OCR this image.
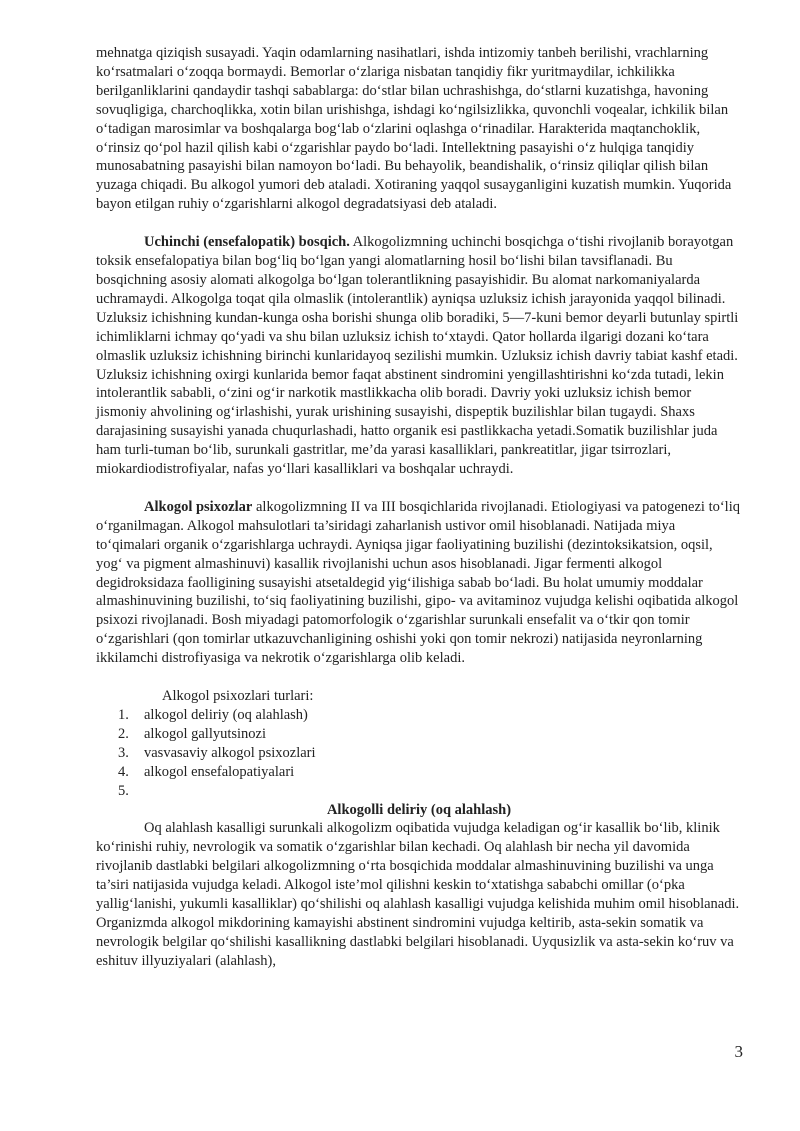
mehnatga qiziqish susayadi. Yaqin odamlarning nasihatlari, ishda intizomiy tanbeh berilishi, vrachlarning ko‘rsatmalari o‘zoqqa bormaydi. Bemorlar o‘zlariga nisbatan tanqidiy fikr yuritmaydilar, ichkilikka berilganliklarini qandaydir tashqi sabablarga: do‘stlar bilan uchrashishga, do‘stlarni kuzatishga, havoning sovuqligiga, charchoqlikka, xotin bilan urishishga, ishdagi ko‘ngilsizlikka, quvonchli voqealar, ichkilik bilan o‘tadigan marosimlar va boshqalarga bog‘lab o‘zlarini oqlashga o‘rinadilar. Harakterida maqtanchoklik, o‘rinsiz qo‘pol hazil qilish kabi o‘zgarishlar paydo bo‘ladi. Intellektning pasayishi o‘z hulqiga tanqidiy munosabatning pasayishi bilan namoyon bo‘ladi. Bu behayolik, beandishalik, o‘rinsiz qiliqlar qilish bilan yuzaga chiqadi. Bu alkogol yumori deb ataladi. Xotiraning yaqqol susayganligini kuzatish mumkin. Yuqorida bayon etilgan ruhiy o‘zgarishlarni alkogol degradatsiyasi deb ataladi.

Uchinchi (ensefalopatik) bosqich. Alkogolizmning uchinchi bosqichga o‘tishi rivojlanib borayotgan toksik ensefalopatiya bilan bog‘liq bo‘lgan yangi alomatlarning hosil bo‘lishi bilan tavsiflanadi. Bu bosqichning asosiy alomati alkogolga bo‘lgan tolerantlikning pasayishidir. Bu alomat narkomaniyalarda uchramaydi. Alkogolga toqat qila olmaslik (intolerantlik) ayniqsa uzluksiz ichish jarayonida yaqqol bilinadi. Uzluksiz ichishning kundan-kunga osha borishi shunga olib boradiki, 5—7-kuni bemor deyarli butunlay spirtli ichimliklarni ichmay qo‘yadi va shu bilan uzluksiz ichish to‘xtaydi. Qator hollarda ilgarigi dozani ko‘tara olmaslik uzluksiz ichishning birinchi kunlaridayoq sezilishi mumkin. Uzluksiz ichish davriy tabiat kashf etadi. Uzluksiz ichishning oxirgi kunlarida bemor faqat abstinent sindromini yengillashtirishni ko‘zda tutadi, lekin intolerantlik sababli, o‘zini og‘ir narkotik mastlikkacha olib boradi. Davriy yoki uzluksiz ichish bemor jismoniy ahvolining og‘irlashishi, yurak urishining susayishi, dispeptik buzilishlar bilan tugaydi. Shaxs darajasining susayishi yanada chuqurlashadi, hatto organik esi pastlikkacha yetadi.Somatik buzilishlar juda ham turli-tuman bo‘lib, surunkali gastritlar, me’da yarasi kasalliklari, pankreatitlar, jigar tsirrozlari, miokardiodistrofiyalar, nafas yo‘llari kasalliklari va boshqalar uchraydi.

Alkogol psixozlar alkogolizmning II va III bosqichlarida rivojlanadi. Etiologiyasi va patogenezi to‘liq o‘rganilmagan. Alkogol mahsulotlari ta’siridagi zaharlanish ustivor omil hisoblanadi. Natijada miya to‘qimalari organik o‘zgarishlarga uchraydi. Ayniqsa jigar faoliyatining buzilishi (dezintoksikatsion, oqsil, yog‘ va pigment almashinuvi) kasallik rivojlanishi uchun asos hisoblanadi. Jigar fermenti alkogol degidroksidaza faolligining susayishi atsetaldegid yig‘ilishiga sabab bo‘ladi. Bu holat umumiy moddalar almashinuvining buzilishi, to‘siq faoliyatining buzilishi, gipo- va avitaminoz vujudga kelishi oqibatida alkogol psixozi rivojlanadi. Bosh miyadagi patomorfologik o‘zgarishlar surunkali ensefalit va o‘tkir qon tomir o‘zgarishlari (qon tomirlar utkazuvchanligining oshishi yoki qon tomir nekrozi) natijasida neyronlarning ikkilamchi distrofiyasiga va nekrotik o‘zgarishlarga olib keladi.

Alkogol psixozlari turlari:

1.	alkogol deliriy (oq alahlash)
2.	alkogol gallyutsinozi
3.	vasvasaviy alkogol psixozlari
4.	alkogol ensefalopatiyalari
5.

Alkogolli deliriy (oq alahlash)

Oq alahlash kasalligi surunkali alkogolizm oqibatida vujudga keladigan og‘ir kasallik bo‘lib, klinik ko‘rinishi ruhiy, nevrologik va somatik o‘zgarishlar bilan kechadi. Oq alahlash bir necha yil davomida rivojlanib dastlabki belgilari alkogolizmning o‘rta bosqichida moddalar almashinuvining buzilishi va unga ta’siri natijasida vujudga keladi. Alkogol iste’mol qilishni keskin to‘xtatishga sababchi omillar (o‘pka yallig‘lanishi, yukumli kasalliklar) qo‘shilishi oq alahlash kasalligi vujudga kelishida muhim omil hisoblanadi. Organizmda alkogol mikdorining kamayishi abstinent sindromini vujudga keltirib, asta-sekin somatik va nevrologik belgilar qo‘shilishi kasallikning dastlabki belgilari hisoblanadi. Uyqusizlik va asta-sekin ko‘ruv va eshituv illyuziyalari (alahlash),

3
